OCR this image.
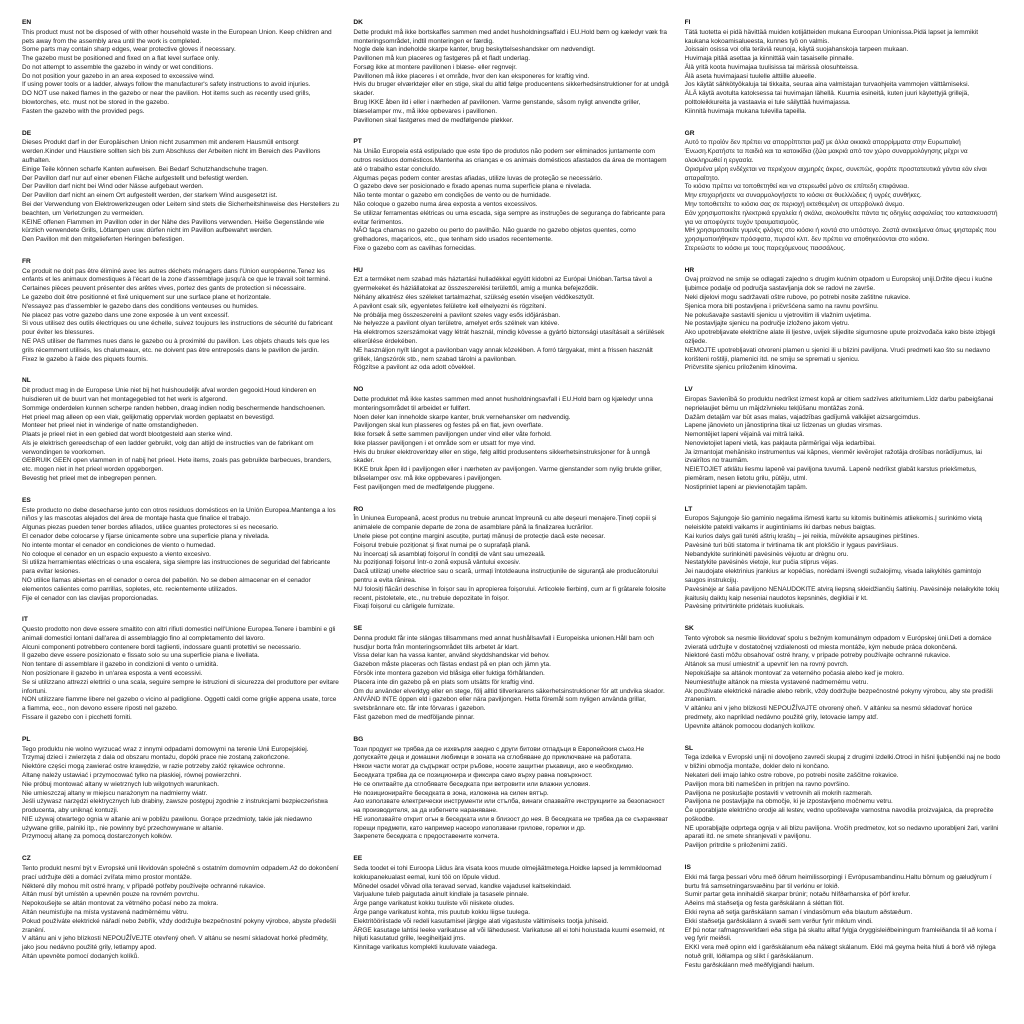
EN

This product must not be disposed of with other household waste in the European Union. Keep children and pets away from the assembly area until the work is completed.
Some parts may contain sharp edges, wear protective gloves if necessary.
The gazebo must be positioned and fixed on a flat level surface only.
Do not attempt to assemble the gazebo in windy or wet conditions.
Do not position your gazebo in an area exposed to excessive wind.
If using power tools or a ladder, always follow the manufacturer's safety instructions to avoid injuries.
DO NOT use naked flames in the gazebo or near the pavilion. Hot items such as recently used grills, blowtorches, etc. must not be stored in the gazebo.
Fasten the gazebo with the provided pegs.

DE

Dieses Produkt darf in der Europäischen Union nicht zusammen mit anderem Hausmüll entsorgt werden.Kinder und Haustiere sollten sich bis zum Abschluss der Arbeiten nicht im Bereich des Pavillons aufhalten.
Einige Teile können scharfe Kanten aufweisen. Bei Bedarf Schutzhandschuhe tragen.
Der Pavillon darf nur auf einer ebenen Fläche aufgestellt und befestigt werden.
Der Pavillon darf nicht bei Wind oder Nässe aufgebaut werden.
Der Pavillon darf nicht an einem Ort aufgestellt werden, der starkem Wind ausgesetzt ist.
Bei der Verwendung von Elektrowerkzeugen oder Leitern sind stets die Sicherheitshinweise des Herstellers zu beachten, um Verletzungen zu vermeiden.
KEINE offenen Flammen im Pavillon oder in der Nähe des Pavillons verwenden. Heiße Gegenstände wie kürzlich verwendete Grills, Lötlampen usw. dürfen nicht im Pavillon aufbewahrt werden.
Den Pavillon mit den mitgelieferten Heringen befestigen.

FR

Ce produit ne doit pas être éliminé avec les autres déchets ménagers dans l'Union européenne.Tenez les enfants et les animaux domestiques à l'écart de la zone d'assemblage jusqu'à ce que le travail soit terminé.
Certaines pièces peuvent présenter des arêtes vives, portez des gants de protection si nécessaire.
Le gazebo doit être positionné et fixé uniquement sur une surface plane et horizontale.
N'essayez pas d'assembler le gazebo dans des conditions venteuses ou humides.
Ne placez pas votre gazebo dans une zone exposée à un vent excessif.
Si vous utilisez des outils électriques ou une échelle, suivez toujours les instructions de sécurité du fabricant pour éviter les blessures.
NE PAS utiliser de flammes nues dans le gazebo ou à proximité du pavillon. Les objets chauds tels que les grils récemment utilisés, les chalumeaux, etc. ne doivent pas être entreposés dans le pavillon de jardin.
Fixez le gazebo à l'aide des piquets fournis.

NL

Dit product mag in de Europese Unie niet bij het huishoudelijk afval worden gegooid.Houd kinderen en huisdieren uit de buurt van het montagegebied tot het werk is afgerond.
Sommige onderdelen kunnen scherpe randen hebben, draag indien nodig beschermende handschoenen.
Het prieel mag alleen op een vlak, gelijkmatig oppervlak worden geplaatst en bevestigd.
Monteer het prieel niet in winderige of natte omstandigheden.
Plaats je prieel niet in een gebied dat wordt blootgesteld aan sterke wind.
Als je elektrisch gereedschap of een ladder gebruikt, volg dan altijd de instructies van de fabrikant om verwondingen te voorkomen.
GEBRUIK GEEN open vlammen in of nabij het prieel. Hete items, zoals pas gebruikte barbecues, branders, etc. mogen niet in het prieel worden opgeborgen.
Bevestig het prieel met de inbegrepen pennen.

ES

Este producto no debe desecharse junto con otros residuos domésticos en la Unión Europea.Mantenga a los niños y las mascotas alejados del área de montaje hasta que finalice el trabajo.
Algunas piezas pueden tener bordes afilados, utilice guantes protectores si es necesario.
El cenador debe colocarse y fijarse únicamente sobre una superficie plana y nivelada.
No intente montar el cenador en condiciones de viento o humedad.
No coloque el cenador en un espacio expuesto a viento excesivo.
Si utiliza herramientas eléctricas o una escalera, siga siempre las instrucciones de seguridad del fabricante para evitar lesiones.
NO utilice llamas abiertas en el cenador o cerca del pabellón. No se deben almacenar en el cenador elementos calientes como parrillas, sopletes, etc. recientemente utilizados.
Fije el cenador con las clavijas proporcionadas.

IT

Questo prodotto non deve essere smaltito con altri rifiuti domestici nell'Unione Europea.Tenere i bambini e gli animali domestici lontani dall'area di assemblaggio fino al completamento del lavoro.
Alcuni componenti potrebbero contenere bordi taglienti, indossare guanti protettivi se necessario.
Il gazebo deve essere posizionato e fissato solo su una superficie piana e livellata.
Non tentare di assemblare il gazebo in condizioni di vento o umidità.
Non posizionare il gazebo in un'area esposta a venti eccessivi.
Se si utilizzano attrezzi elettrici o una scala, seguire sempre le istruzioni di sicurezza del produttore per evitare infortuni.
NON utilizzare fiamme libere nel gazebo o vicino al padiglione. Oggetti caldi come griglie appena usate, torce a fiamma, ecc., non devono essere riposti nel gazebo.
Fissare il gazebo con i picchetti forniti.

PL

Tego produktu nie wolno wyrzucać wraz z innymi odpadami domowymi na terenie Unii Europejskiej.
Trzymaj dzieci i zwierzęta z dala od obszaru montażu, dopóki prace nie zostaną zakończone.
Niektóre części mogą zawierać ostre krawędzie, w razie potrzeby załóż rękawice ochronne.
Altanę należy ustawiać i przymocować tylko na płaskiej, równej powierzchni.
Nie próbuj montować altany w wietrznych lub wilgotnych warunkach.
Nie umieszczaj altany w miejscu narażonym na nadmierny wiatr.
Jeśli używasz narzędzi elektrycznych lub drabiny, zawsze postępuj zgodnie z instrukcjami bezpieczeństwa producenta, aby uniknąć kontuzji.
NIE używaj otwartego ognia w altanie ani w pobliżu pawilonu. Gorące przedmioty, takie jak niedawno używane grille, palniki itp., nie powinny być przechowywane w altanie.
Przymocuj altanę za pomocą dostarczonych kołków.

CZ

Tento produkt nesmí být v Evropské unii likvidován společně s ostatním domovním odpadem.Až do dokončení prací udržujte děti a domácí zvířata mimo prostor montáže.
Některé díly mohou mít ostré hrany, v případě potřeby používejte ochranné rukavice.
Altán musí být umístěn a upevněn pouze na rovném povrchu.
Nepokoušejte se altán montovat za větrného počasí nebo za mokra.
Altán neumisťujte na místa vystavená nadměrnému větru.
Pokud používáte elektrické nářadí nebo žebřík, vždy dodržujte bezpečnostní pokyny výrobce, abyste předešli zranění.
V altánu ani v jeho blízkosti NEPOUŽÍVEJTE otevřený oheň. V altánu se nesmí skladovat horké předměty, jako jsou nedávno použité grily, letlampy apod.
Altán upevněte pomocí dodaných kolíků.

DK

Dette produkt må ikke bortskaffes sammen med andet husholdningsaffald i EU.Hold børn og kæledyr væk fra monteringsområdet, indtil monteringen er færdig.
Nogle dele kan indeholde skarpe kanter, brug beskyttelseshandsker om nødvendigt.
Pavillonen må kun placeres og fastgøres på et fladt underlag.
Forsøg ikke at montere pavillonen i blæse- eller regnvejr.
Pavillonen må ikke placeres i et område, hvor den kan eksponeres for kraftig vind.
Hvis du bruger elværktøjer eller en stige, skal du altid følge producentens sikkerhedsinstruktioner for at undgå skader.
Brug IKKE åben ild i eller i nærheden af pavillonen. Varme genstande, såsom nyligt anvendte griller, blæselamper mv., må ikke opbevares i pavillonen.
Pavillonen skal fastgøres med de medfølgende pløkker.

PT

Na União Europeia está estipulado que este tipo de produtos não podem ser eliminados juntamente com outros resíduos domésticos.Mantenha as crianças e os animais domésticos afastados da área de montagem até o trabalho estar concluído.
Algumas peças podem conter arestas afiadas, utilize luvas de proteção se necessário.
O gazebo deve ser posicionado e fixado apenas numa superfície plana e nivelada.
Não tente montar o gazebo em condições de vento ou de humidade.
Não coloque o gazebo numa área exposta a ventos excessivos.
Se utilizar ferramentas elétricas ou uma escada, siga sempre as instruções de segurança do fabricante para evitar ferimentos.
NÃO faça chamas no gazebo ou perto do pavilhão. Não guarde no gazebo objetos quentes, como grelhadores, maçaricos, etc., que tenham sido usados recentemente.
Fixe o gazebo com as cavilhas fornecidas.

HU

Ezt a terméket nem szabad más háztartási hulladékkal együtt kidobni az Európai Unióban.Tartsa távol a gyermekeket és háziállatokat az összeszerelési területtől, amíg a munka befejeződik.
Néhány alkatrész éles széleket tartalmazhat, szükség esetén viseljen védőkesztyűt.
A pavilont csak sík, egyenletes felületre kell elhelyezni és rögzíteni.
Ne próbálja meg összeszerelni a pavilont szeles vagy esős időjárásban.
Ne helyezze a pavilont olyan területre, amelyet erős szélnek van kitéve.
Ha elektromos szerszámokat vagy létrát használ, mindig kövesse a gyártó biztonsági utasításait a sérülések elkerülése érdekében.
NE használjon nyílt lángot a pavilonban vagy annak közelében. A forró tárgyakat, mint a frissen használt grillek, lángszórók stb., nem szabad tárolni a pavilonban.
Rögzítse a pavilont az oda adott cövekkel.

NO

Dette produktet må ikke kastes sammen med annet husholdningsavfall i EU.Hold barn og kjæledyr unna monteringsområdet til arbeidet er fullført.
Noen deler kan inneholde skarpe kanter, bruk vernehansker om nødvendig.
Paviljongen skal kun plasseres og festes på en flat, jevn overflate.
Ikke forsøk å sette sammen paviljongen under vind eller våte forhold.
Ikke plasser paviljongen i et område som er utsatt for mye vind.
Hvis du bruker elektroverktøy eller en stige, følg alltid produsentens sikkerhetsinstruksjoner for å unngå skader.
IKKE bruk åpen ild i paviljongen eller i nærheten av paviljongen. Varme gjenstander som nylig brukte griller, blåselamper osv. må ikke oppbevares i paviljongen.
Fest paviljongen med de medfølgende pluggene.

RO

În Uniunea Europeană, acest produs nu trebuie aruncat împreună cu alte deșeuri menajere.Țineți copiii și animalele de companie departe de zona de asamblare până la finalizarea lucrărilor.
Unele piese pot conține margini ascuțite, purtați mănuși de protecție dacă este necesar.
Foișorul trebuie poziționat și fixat numai pe o suprafață plană.
Nu încercați să asamblați foișorul în condiții de vânt sau umezeală.
Nu poziționați foișorul într-o zonă expusă vântului excesiv.
Dacă utilizați unelte electrice sau o scară, urmați întotdeauna instrucțiunile de siguranță ale producătorului pentru a evita rănirea.
NU folosiți flăcări deschise în foișor sau în apropierea foișorului. Articolele fierbinți, cum ar fi grătarele folosite recent, pistoletele, etc., nu trebuie depozitate în foișor.
Fixați foișorul cu cârligele furnizate.

SE

Denna produkt får inte slängas tillsammans med annat hushållsavfall i Europeiska unionen.Håll barn och husdjur borta från monteringsområdet tills arbetet är klart.
Vissa delar kan ha vassa kanter, använd skyddshandskar vid behov.
Gazebon måste placeras och fästas endast på en plan och jämn yta.
Försök inte montera gazebon vid blåsiga eller fuktiga förhållanden.
Placera inte din gazebo på en plats som utsätts för kraftig vind.
Om du använder elverktyg eller en stege, följ alltid tillverkarens säkerhetsinstruktioner för att undvika skador.
ANVÄND INTE öppen eld i gazebon eller nära paviljongen. Hetta föremål som nyligen använda grillar, svetsbrännare etc. får inte förvaras i gazebon.
Fäst gazebon med de medföljande pinnar.

BG

Този продукт не трябва да се изхвърля заедно с други битови отпадъци в Европейския съюз.Не допускайте деца и домашни любимци в зоната на сглобяване до приключване на работата.
Някои части могат да съдържат остри ръбове, носете защитни ръкавици, ако е необходимо.
Беседката трябва да се позиционира и фиксира само върху равна повърхност.
Не се опитвайте да сглобявате беседката при ветровити или влажни условия.
Не позиционирайте беседката в зона, изложена на силен вятър.
Ако използвате електрически инструменти или стълба, винаги спазвайте инструкциите за безопасност на производителя, за да избегнете нараняване.
НЕ използвайте открит огън в беседката или в близост до нея. В беседката не трябва да се съхраняват горещи предмети, като например наскоро използвани грилове, горелки и др.
Закрепете беседката с предоставените колчета.

EE

Seda toodet ei tohi Euroopa Liidus ära visata koos muude olmejäätmetega.Hoidke lapsed ja lemmikloomad kokkupanekualast eemal, kuni töö on lõpule viidud.
Mõnedel osadel võivad olla teravad servad, kandke vajadusel kaitsekindaid.
Varjualune tuleb paigutada ainult kindlale ja tasasele pinnale.
Ärge pange varikatust kokku tuuliste või niiskete oludes.
Ärge pange varikatust kohta, mis puutub kokku liigse tuulega.
Elektritööriistade või redeli kasutamisel järgige alati vigastuste vältimiseks tootja juhiseid.
ÄRGE kasutage lahtisi leeke varikatuse all või lähedusest. Varikatuse all ei tohi hoiustada kuumi esemeid, nt hiljuti kasutatud grille, leegiheitjaid jms.
Kinnitage varikatus komplekti kuuluvate vaiadega.

FI

Tätä tuotetta ei pidä hävittää muiden kotijätteiden mukana Euroopan Unionissa.Pidä lapset ja lemmikit kaukana kokoamisalueesta, kunnes työ on valmis.
Joissain osissa voi olla teräviä reunoja, käytä suojahanskoja tarpeen mukaan.
Huvimaja pitää asettaa ja kiinnittää vain tasaiselle pinnalle.
Älä yritä koota huvimajaa tuulisissa tai märissä olosuhteissa.
Älä aseta huvimajaasi tuulelle alttiille alueelle.
Jos käytät sähkötyökaluja tai tikkaita, seuraa aina valmistajan turvaohjeita vammojen välttämiseksi.
ÄLÄ käytä avotulta katoksessa tai huvimajan lähellä. Kuumia esineitä, kuten juuri käytettyjä grillejä, polttoleikkureita ja vastaavia ei tule säilyttää huvimajassa.
Kiinnitä huvimaja mukana tulevilla tapeilla.

GR

Αυτό το προϊόν δεν πρέπει να απορρίπτεται μαζί με άλλα οικιακά απορρίμματα στην Ευρωπαϊκή Ένωση.Κρατήστε τα παιδιά και τα κατοικίδια (ζώα μακριά από τον χώρο συναρμολόγησης μέχρι να ολοκληρωθεί η εργασία.
Ορισμένα μέρη ενδέχεται να περιέχουν αιχμηρές άκρες, συνεπώς, φοράτε προστατευτικά γάντια εάν είναι απαραίτητο.
Το κιόσκι πρέπει να τοποθετηθεί και να στερεωθεί μόνο σε επίπεδη επιφάνεια.
Μην επιχειρήσετε να συναρμολογήσετε το κιόσκι σε θυελλώδεις ή υγρές συνθήκες.
Μην τοποθετείτε το κιόσκι σας σε περιοχή εκτεθειμένη σε υπερβολικό άνεμο.
Εάν χρησιμοποιείτε ηλεκτρικά εργαλεία ή σκάλα, ακολουθείτε πάντα τις οδηγίες ασφαλείας του κατασκευαστή για να αποφύγετε τυχόν τραυματισμούς.
ΜΗ χρησιμοποιείτε γυμνές φλόγες στο κιόσκι ή κοντά στο υπόστεγο. Ζεστά αντικείμενα όπως ψησταριές που χρησιμοποιήθηκαν πρόσφατα, πυρσοί κλπ. δεν πρέπει να αποθηκεύονται στο κιόσκι.
Στερεώστε το κιόσκι με τους παρεχόμενους πασσάλους.

HR

Ovaj proizvod ne smije se odlagati zajedno s drugim kućnim otpadom u Europskoj uniji.Držite djecu i kućne ljubimce podalje od područja sastavljanja dok se radovi ne završe.
Neki dijelovi mogu sadržavati oštre rubove, po potrebi nosite zaštitne rukavice.
Sjenica mora biti postavljena i pričvršćena samo na ravnu površinu.
Ne pokušavajte sastaviti sjenicu u vjetrovitim ili vlažnim uvjetima.
Ne postavljajte sjenicu na područje izloženo jakom vjetru.
Ako upotrebljavate električne alate ili ljestve, uvijek slijedite sigurnosne upute proizvođača kako biste izbjegli ozljede.
NEMOJTE upotrebljavati otvoreni plamen u sjenici ili u blizini paviljona. Vrući predmeti kao što su nedavno korišteni roštilji, plamenici itd. ne smiju se spremati u sjenicu.
Pričvrstite sjenicu priloženim klinovima.

LV

Eiropas Savienībā šo produktu nedrīkst izmest kopā ar citiem sadzīves atkritumiem.Līdz darbu pabeigšanai neprielaujiet bērnu un mājdzīvnieku tekļūšanu montāžas zonā.
Dažām detaļām var būt asas malas, vajadzības gadījumā valkājiet aizsargcimdus.
Lapene jānovieto un jānostiprina tikai uz līdzenas un gludas virsmas.
Nemontējiet lapeni vējainā vai mitrā laikā.
Nenovietojiet lapeni vietā, kas pakļauta pārmērīgai vēja iedarbībai.
Ja izmantojat mehānisko instrumentus vai kāpnes, vienmēr ievērojiet ražotāja drošības norādījumus, lai izvairītos no traumām.
NEIETOJIET atklātu liesmu lapenē vai paviljona tuvumā. Lapenē nedrīkst glabāt karstus priekšmetus, piemēram, nesen lietotu grilu, pūtēju, utml.
Nostipriniet lapeni ar pievienotajām tapām.

LT

Europos Sąjungoje šio gaminio negalima išmesti kartu su kitomis buitinėmis atliekomis.Į surinkimo vietą neleiskite patekti vaikams ir augintiniams iki darbas nebus baigtas.
Kai kurios dalys gali turėti aštrių kraštų – jei reikia, mūvėkite apsaugines pirštines.
Pavėsinė turi būti statoma ir tvirtinama tik ant plokščio ir lygaus paviršiaus.
Nebandykite surinkinėti pavėsinės vėjuotu ar drėgnu oru.
Nestatykite pavėsinės vietoje, kur pučia stiprus vėjas.
Jei naudojate elektrinius įrankius ar kopėčias, norėdami išvengti sužalojimų, visada laikykitės gamintojo saugos instrukcijų.
Pavėsinėje ar šalia paviljono NENAUDOKITE atvirą liepsną skleidžiančių šaltinių. Pavėsinėje nelaikykite tokių įkaitusių daiktų kaip neseniai naudotos kepsninės, degikliai ir kt.
Pavėsinę pritvirtinkite pridėtais kuoliukais.

SK

Tento výrobok sa nesmie likvidovať spolu s bežným komunálnym odpadom v Európskej únii.Deti a domáce zvieratá udržujte v dostatočnej vzdialenosti od miesta montáže, kým nebude práca dokončená.
Niektoré časti môžu obsahovať ostré hrany, v prípade potreby používajte ochranné rukavice.
Altánok sa musí umiestniť a upevniť len na rovný povrch.
Nepokúšajte sa altánok montovať za veterného počasia alebo keď je mokro.
Neumiestňujte altánok na miesta vystavené nadmernému vetru.
Ak používate elektrické náradie alebo rebrík, vždy dodržujte bezpečnostné pokyny výrobcu, aby ste predišli zraneniam.
V altánku ani v jeho blízkosti NEPOUŽÍVAJTE otvorený oheň. V altánku sa nesmú skladovať horúce predmety, ako napríklad nedávno použité grily, letovacie lampy atď.
Upevnite altánok pomocou dodaných kolíkov.

SL

Tega izdelka v Evropski uniji ni dovoljeno zavreči skupaj z drugimi izdelki.Otroci in hišni ljubljenčki naj ne bodo v bližini območja montaže, dokler delo ni končano.
Nekateri deli imajo lahko ostre robove, po potrebi nosite zaščitne rokavice.
Paviljon mora biti nameščen in pritrjen na ravno površino.
Paviljona ne poskušajte postaviti v vetrovnih ali mokrih razmerah.
Paviljona ne postavljajte na območje, ki je izpostavljeno močnemu vetru.
Če uporabljate električno orodje ali lestev, vedno upoštevajte varnostna navodila proizvajalca, da preprečite poškodbe.
NE uporabljajte odprtega ognja v ali blizu paviljona. Vročih predmetov, kot so nedavno uporabljeni žari, varilni aparati itd. ne smete shranjevati v paviljonu.
Paviljon pritrdite s priloženimi zatiči.

IS

Ekki má farga þessari vöru með öðrum heimilissorpingi í Evrópusambandinu.Haltu börnum og gæludýrum í burtu frá samsetningarsvæðinu þar til verkinu er lokið.
Sumir partar geta innihaldið skarpar brúnir; notaðu hlífðarhanska ef þörf krefur.
Aðeins má staðsetja og festa garðskálann á sléttan flöt.
Ekki reyna að setja garðskálann saman í vindasömum eða blautum aðstæðum.
Ekki staðsetja garðskálann á svæði sem verður fyrir miklum vindi.
Ef þú notar rafmagnsverkfæri eða stiga þá skaltu alltaf fylgja öryggisleiðbeiningum framleiðanda til að koma í veg fyrir meiðsli.
EKKI vera með opinn eld í garðskálanum eða nálægt skálanum. Ekki má geyma heita hluti á borð við nýlega notuð grill, lóðlampa og slíkt í garðskálanum.
Festu garðskálann með meðfylgjandi hælum.
